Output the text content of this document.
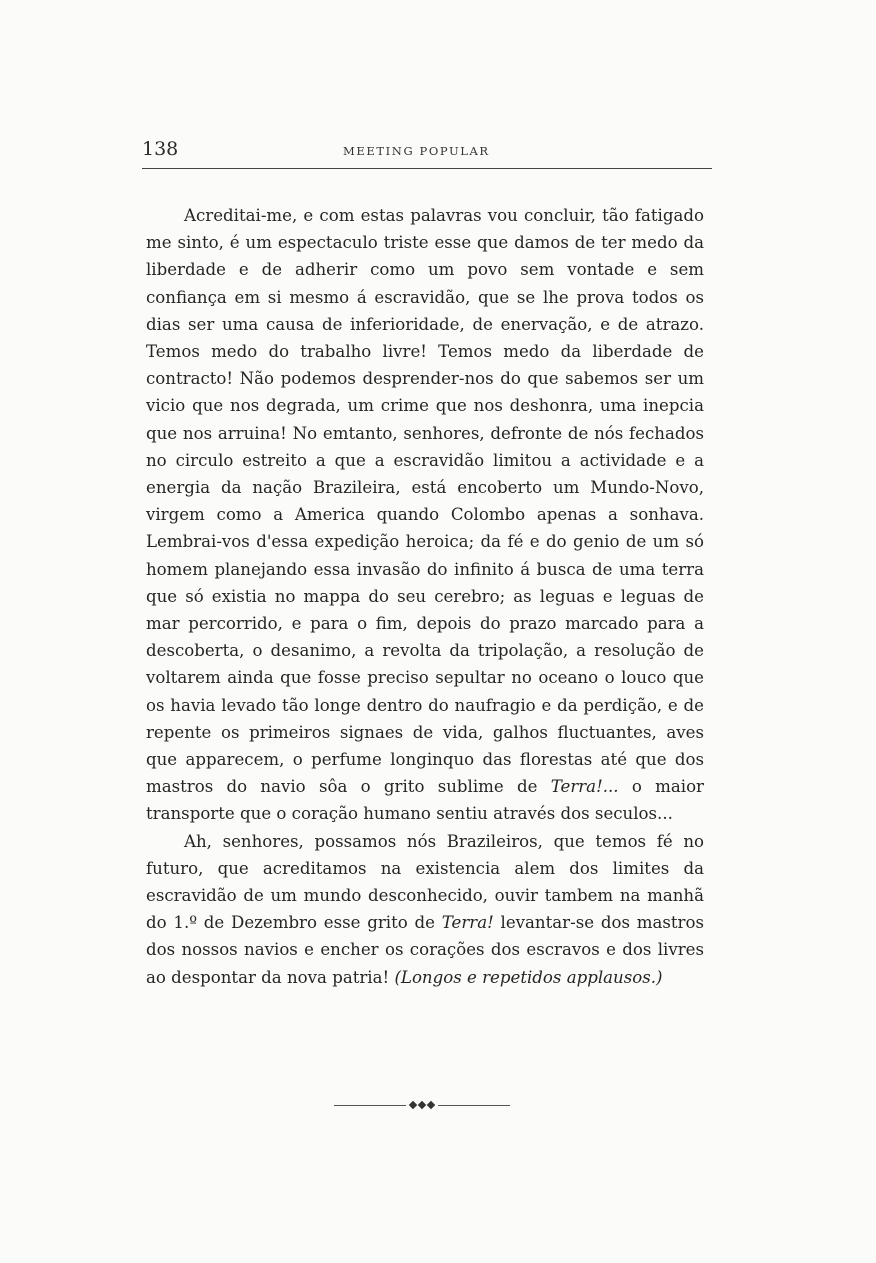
138	MEETING POPULAR

Acreditai-me, e com estas palavras vou concluir, tão fatigado me sinto, é um espectaculo triste esse que damos de ter medo da liberdade e de adherir como um povo sem vontade e sem confiança em si mesmo á escravidão, que se lhe prova todos os dias ser uma causa de inferioridade, de enervação, e de atrazo. Temos medo do trabalho livre! Temos medo da liberdade de contracto! Não podemos desprender-nos do que sabemos ser um vicio que nos degrada, um crime que nos deshonra, uma inepcia que nos arruina! No emtanto, senhores, defronte de nós fechados no circulo estreito a que a escravidão limitou a actividade e a energia da nação Brazileira, está encoberto um Mundo-Novo, virgem como a America quando Colombo apenas a sonhava. Lembrai-vos d'essa expedição heroica; da fé e do genio de um só homem planejando essa invasão do infinito á busca de uma terra que só existia no mappa do seu cerebro; as leguas e leguas de mar percorrido, e para o fim, depois do prazo marcado para a descoberta, o desanimo, a revolta da tripolação, a resolução de voltarem ainda que fosse preciso sepultar no oceano o louco que os havia levado tão longe dentro do naufragio e da perdição, e de repente os primeiros signaes de vida, galhos fluctuantes, aves que apparecem, o perfume longinquo das florestas até que dos mastros do navio sôa o grito sublime de Terra!... o maior transporte que o coração humano sentiu através dos seculos...

Ah, senhores, possamos nós Brazileiros, que temos fé no futuro, que acreditamos na existencia alem dos limites da escravidão de um mundo desconhecido, ouvir tambem na manhã do 1.º de Dezembro esse grito de Terra! levantar-se dos mastros dos nossos navios e encher os corações dos escravos e dos livres ao despontar da nova patria! (Longos e repetidos applausos.)
